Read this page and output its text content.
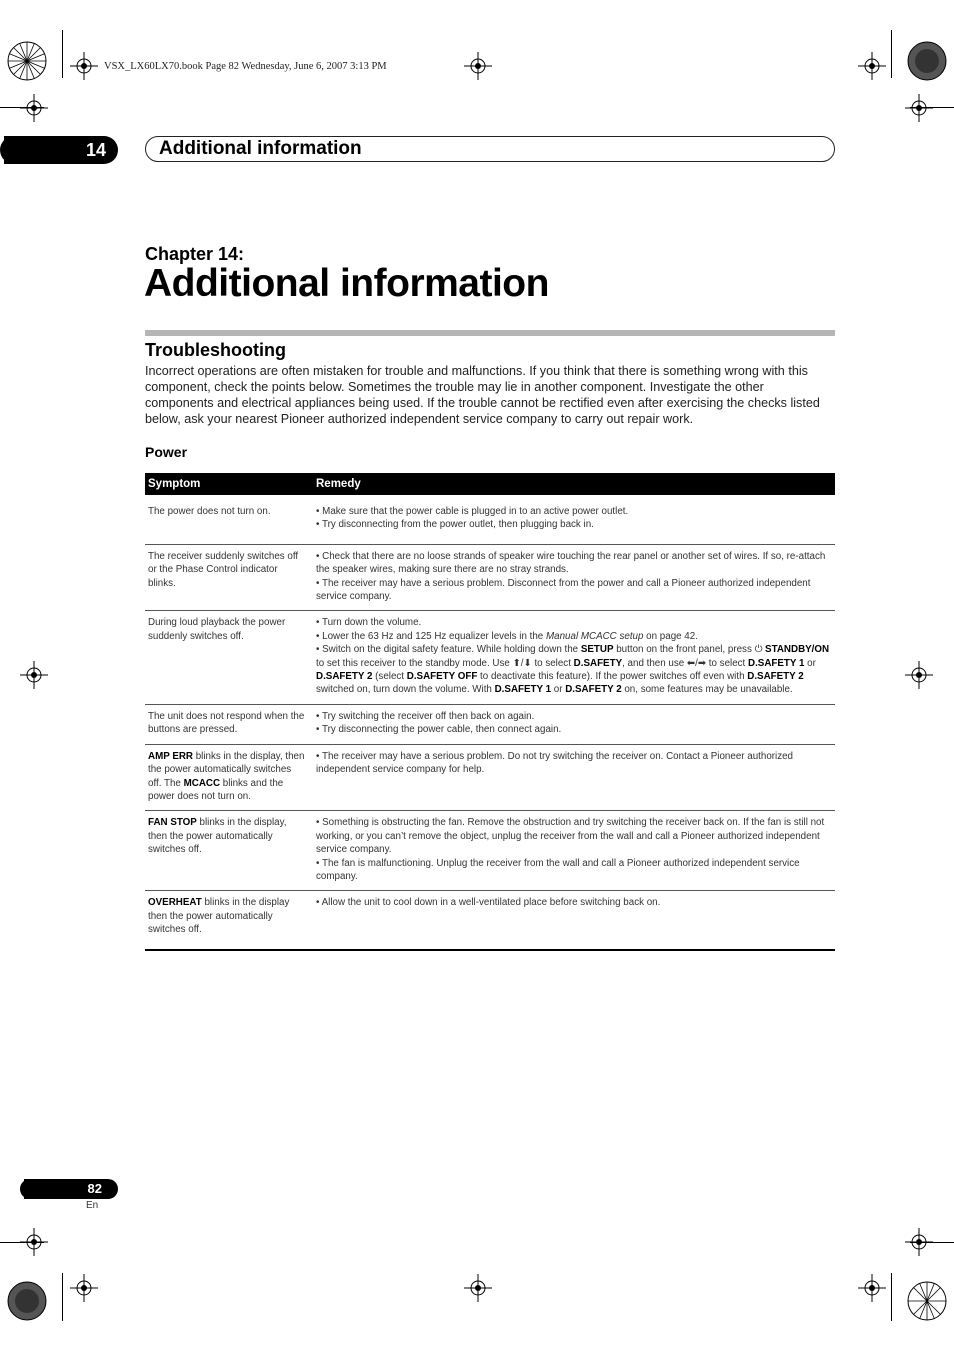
VSX_LX60LX70.book Page 82 Wednesday, June 6, 2007 3:13 PM
14	Additional information
Chapter 14:
Additional information
Troubleshooting
Incorrect operations are often mistaken for trouble and malfunctions. If you think that there is something wrong with this component, check the points below. Sometimes the trouble may lie in another component. Investigate the other components and electrical appliances being used. If the trouble cannot be rectified even after exercising the checks listed below, ask your nearest Pioneer authorized independent service company to carry out repair work.
Power
Symptom	Remedy
The power does not turn on.	• Make sure that the power cable is plugged in to an active power outlet.
• Try disconnecting from the power outlet, then plugging back in.

The receiver suddenly switches off or the Phase Control indicator blinks.	• Check that there are no loose strands of speaker wire touching the rear panel or another set of wires. If so, re-attach the speaker wires, making sure there are no stray strands.
• The receiver may have a serious problem. Disconnect from the power and call a Pioneer authorized independent service company.

During loud playback the power suddenly switches off.	• Turn down the volume.
• Lower the 63 Hz and 125 Hz equalizer levels in the Manual MCACC setup on page 42.
• Switch on the digital safety feature. While holding down the SETUP button on the front panel, press ⏻ STANDBY/ON to set this receiver to the standby mode. Use ⬆/⬇ to select D.SAFETY, and then use ⬅/➡ to select D.SAFETY 1 or D.SAFETY 2 (select D.SAFETY OFF to deactivate this feature). If the power switches off even with D.SAFETY 2 switched on, turn down the volume. With D.SAFETY 1 or D.SAFETY 2 on, some features may be unavailable.

The unit does not respond when the buttons are pressed.	• Try switching the receiver off then back on again.
• Try disconnecting the power cable, then connect again.

AMP ERR blinks in the display, then the power automatically switches off. The MCACC blinks and the power does not turn on.	• The receiver may have a serious problem. Do not try switching the receiver on. Contact a Pioneer authorized independent service company for help.

FAN STOP blinks in the display, then the power automatically switches off.	• Something is obstructing the fan. Remove the obstruction and try switching the receiver back on. If the fan is still not working, or you can’t remove the object, unplug the receiver from the wall and call a Pioneer authorized independent service company.
• The fan is malfunctioning. Unplug the receiver from the wall and call a Pioneer authorized independent service company.

OVERHEAT blinks in the display then the power automatically switches off.	• Allow the unit to cool down in a well-ventilated place before switching back on.
82
En
